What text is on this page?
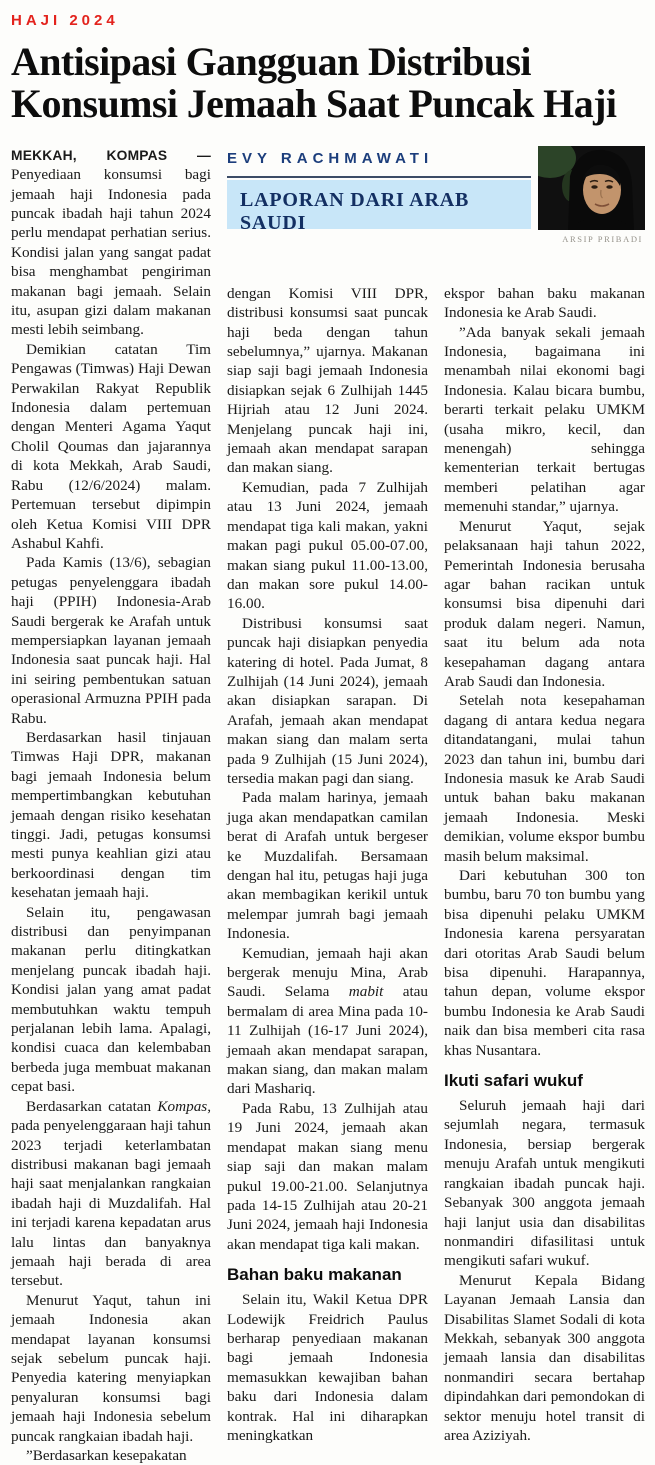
HAJI 2024
Antisipasi Gangguan Distribusi Konsumsi Jemaah Saat Puncak Haji

MEKKAH, KOMPAS — Penyediaan konsumsi bagi jemaah haji Indonesia pada puncak ibadah haji tahun 2024 perlu mendapat perhatian serius. Kondisi jalan yang sangat padat bisa menghambat pengiriman makanan bagi jemaah. Selain itu, asupan gizi dalam makanan mesti lebih seimbang.

Demikian catatan Tim Pengawas (Timwas) Haji Dewan Perwakilan Rakyat Republik Indonesia dalam pertemuan dengan Menteri Agama Yaqut Cholil Qoumas dan jajarannya di kota Mekkah, Arab Saudi, Rabu (12/6/2024) malam. Pertemuan tersebut dipimpin oleh Ketua Komisi VIII DPR Ashabul Kahfi.

Pada Kamis (13/6), sebagian petugas penyelenggara ibadah haji (PPIH) Indonesia-Arab Saudi bergerak ke Arafah untuk mempersiapkan layanan jemaah Indonesia saat puncak haji. Hal ini seiring pembentukan satuan operasional Armuzna PPIH pada Rabu.

Berdasarkan hasil tinjauan Timwas Haji DPR, makanan bagi jemaah Indonesia belum mempertimbangkan kebutuhan jemaah dengan risiko kesehatan tinggi. Jadi, petugas konsumsi mesti punya keahlian gizi atau berkoordinasi dengan tim kesehatan jemaah haji.

Selain itu, pengawasan distribusi dan penyimpanan makanan perlu ditingkatkan menjelang puncak ibadah haji. Kondisi jalan yang amat padat membutuhkan waktu tempuh perjalanan lebih lama. Apalagi, kondisi cuaca dan kelembaban berbeda juga membuat makanan cepat basi.

Berdasarkan catatan Kompas, pada penyelenggaraan haji tahun 2023 terjadi keterlambatan distribusi makanan bagi jemaah haji saat menjalankan rangkaian ibadah haji di Muzdalifah. Hal ini terjadi karena kepadatan arus lalu lintas dan banyaknya jemaah haji berada di area tersebut.

Menurut Yaqut, tahun ini jemaah Indonesia akan mendapat layanan konsumsi sejak sebelum puncak haji. Penyedia katering menyiapkan penyaluran konsumsi bagi jemaah haji Indonesia sebelum puncak rangkaian ibadah haji.

”Berdasarkan kesepakatan

EVY RACHMAWATI
LAPORAN DARI ARAB SAUDI
ARSIP PRIBADI

dengan Komisi VIII DPR, distribusi konsumsi saat puncak haji beda dengan tahun sebelumnya,” ujarnya. Makanan siap saji bagi jemaah Indonesia disiapkan sejak 6 Zulhijah 1445 Hijriah atau 12 Juni 2024. Menjelang puncak haji ini, jemaah akan mendapat sarapan dan makan siang.

Kemudian, pada 7 Zulhijah atau 13 Juni 2024, jemaah mendapat tiga kali makan, yakni makan pagi pukul 05.00-07.00, makan siang pukul 11.00-13.00, dan makan sore pukul 14.00-16.00.

Distribusi konsumsi saat puncak haji disiapkan penyedia katering di hotel. Pada Jumat, 8 Zulhijah (14 Juni 2024), jemaah akan disiapkan sarapan. Di Arafah, jemaah akan mendapat makan siang dan malam serta pada 9 Zulhijah (15 Juni 2024), tersedia makan pagi dan siang.

Pada malam harinya, jemaah juga akan mendapatkan camilan berat di Arafah untuk bergeser ke Muzdalifah. Bersamaan dengan hal itu, petugas haji juga akan membagikan kerikil untuk melempar jumrah bagi jemaah Indonesia.

Kemudian, jemaah haji akan bergerak menuju Mina, Arab Saudi. Selama mabit atau bermalam di area Mina pada 10-11 Zulhijah (16-17 Juni 2024), jemaah akan mendapat sarapan, makan siang, dan makan malam dari Mashariq.

Pada Rabu, 13 Zulhijah atau 19 Juni 2024, jemaah akan mendapat makan siang menu siap saji dan makan malam pukul 19.00-21.00. Selanjutnya pada 14-15 Zulhijah atau 20-21 Juni 2024, jemaah haji Indonesia akan mendapat tiga kali makan.

Bahan baku makanan

Selain itu, Wakil Ketua DPR Lodewijk Freidrich Paulus berharap penyediaan makanan bagi jemaah Indonesia memasukkan kewajiban bahan baku dari Indonesia dalam kontrak. Hal ini diharapkan meningkatkan

ekspor bahan baku makanan Indonesia ke Arab Saudi.

”Ada banyak sekali jemaah Indonesia, bagaimana ini menambah nilai ekonomi bagi Indonesia. Kalau bicara bumbu, berarti terkait pelaku UMKM (usaha mikro, kecil, dan menengah) sehingga kementerian terkait bertugas memberi pelatihan agar memenuhi standar,” ujarnya.

Menurut Yaqut, sejak pelaksanaan haji tahun 2022, Pemerintah Indonesia berusaha agar bahan racikan untuk konsumsi bisa dipenuhi dari produk dalam negeri. Namun, saat itu belum ada nota kesepahaman dagang antara Arab Saudi dan Indonesia.

Setelah nota kesepahaman dagang di antara kedua negara ditandatangani, mulai tahun 2023 dan tahun ini, bumbu dari Indonesia masuk ke Arab Saudi untuk bahan baku makanan jemaah Indonesia. Meski demikian, volume ekspor bumbu masih belum maksimal.

Dari kebutuhan 300 ton bumbu, baru 70 ton bumbu yang bisa dipenuhi pelaku UMKM Indonesia karena persyaratan dari otoritas Arab Saudi belum bisa dipenuhi. Harapannya, tahun depan, volume ekspor bumbu Indonesia ke Arab Saudi naik dan bisa memberi cita rasa khas Nusantara.

Ikuti safari wukuf

Seluruh jemaah haji dari sejumlah negara, termasuk Indonesia, bersiap bergerak menuju Arafah untuk mengikuti rangkaian ibadah puncak haji. Sebanyak 300 anggota jemaah haji lanjut usia dan disabilitas nonmandiri difasilitasi untuk mengikuti safari wukuf.

Menurut Kepala Bidang Layanan Jemaah Lansia dan Disabilitas Slamet Sodali di kota Mekkah, sebanyak 300 anggota jemaah lansia dan disabilitas nonmandiri secara bertahap dipindahkan dari pemondokan di sektor menuju hotel transit di area Aziziyah.
